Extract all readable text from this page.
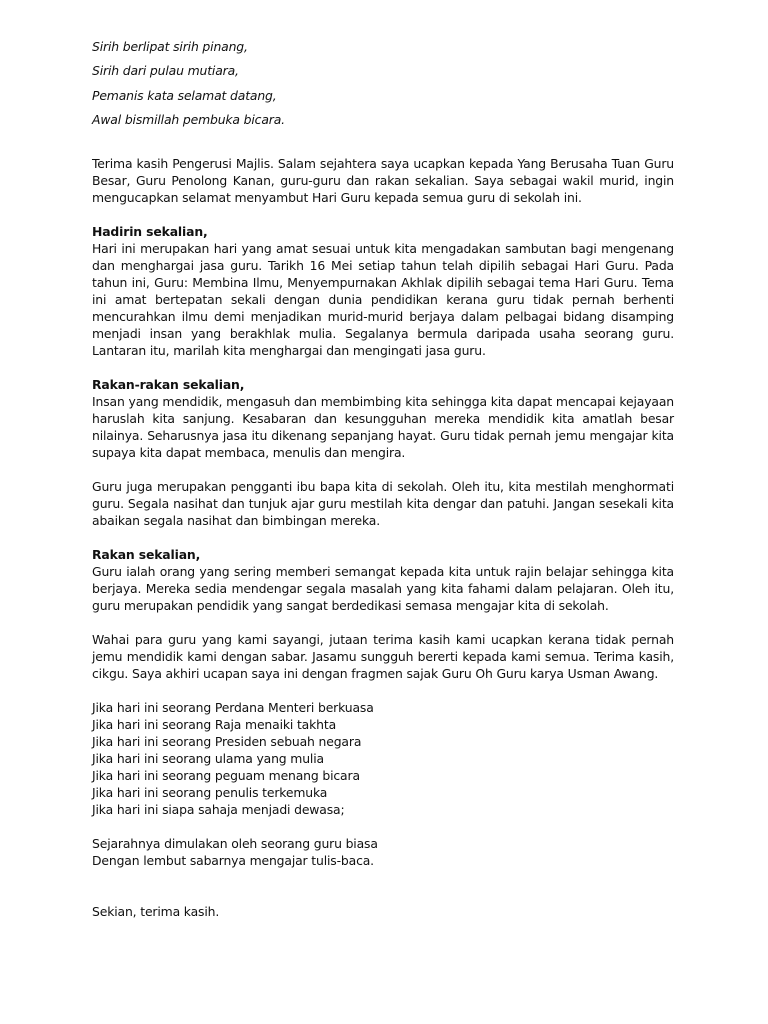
Sirih berlipat sirih pinang,

Sirih dari pulau mutiara,

Pemanis kata selamat datang,

Awal bismillah pembuka bicara.

Terima kasih Pengerusi Majlis. Salam sejahtera saya ucapkan kepada Yang Berusaha Tuan Guru Besar, Guru Penolong Kanan, guru-guru dan rakan sekalian. Saya sebagai wakil murid, ingin mengucapkan selamat menyambut Hari Guru kepada semua guru di sekolah ini.

Hadirin sekalian,

Hari ini merupakan hari yang amat sesuai untuk kita mengadakan sambutan bagi mengenang dan menghargai jasa guru. Tarikh 16 Mei setiap tahun telah dipilih sebagai Hari Guru. Pada tahun ini, Guru: Membina Ilmu, Menyempurnakan Akhlak dipilih sebagai tema Hari Guru. Tema ini amat bertepatan sekali dengan dunia pendidikan kerana guru tidak pernah berhenti mencurahkan ilmu demi menjadikan murid-murid berjaya dalam pelbagai bidang disamping menjadi insan yang berakhlak mulia. Segalanya bermula daripada usaha seorang guru. Lantaran itu, marilah kita menghargai dan mengingati jasa guru.

Rakan-rakan sekalian,

Insan yang mendidik, mengasuh dan membimbing kita sehingga kita dapat mencapai kejayaan haruslah kita sanjung. Kesabaran dan kesungguhan mereka mendidik kita amatlah besar nilainya. Seharusnya jasa itu dikenang sepanjang hayat. Guru tidak pernah jemu mengajar kita supaya kita dapat membaca, menulis dan mengira.

Guru juga merupakan pengganti ibu bapa kita di sekolah. Oleh itu, kita mestilah menghormati guru. Segala nasihat dan tunjuk ajar guru mestilah kita dengar dan patuhi. Jangan sesekali kita abaikan segala nasihat dan bimbingan mereka.

Rakan sekalian,

Guru ialah orang yang sering memberi semangat kepada kita untuk rajin belajar sehingga kita berjaya. Mereka sedia mendengar segala masalah yang kita fahami dalam pelajaran. Oleh itu, guru merupakan pendidik yang sangat berdedikasi semasa mengajar kita di sekolah.

Wahai para guru yang kami sayangi, jutaan terima kasih kami ucapkan kerana tidak pernah jemu mendidik kami dengan sabar. Jasamu sungguh bererti kepada kami semua. Terima kasih, cikgu. Saya akhiri ucapan saya ini dengan fragmen sajak Guru Oh Guru karya Usman Awang.

Jika hari ini seorang Perdana Menteri berkuasa

Jika hari ini seorang Raja menaiki takhta

Jika hari ini seorang Presiden sebuah negara

Jika hari ini seorang ulama yang mulia

Jika hari ini seorang peguam menang bicara

Jika hari ini seorang penulis terkemuka

Jika hari ini siapa sahaja menjadi dewasa;

Sejarahnya dimulakan oleh seorang guru biasa

Dengan lembut sabarnya mengajar tulis-baca.

Sekian, terima kasih.
